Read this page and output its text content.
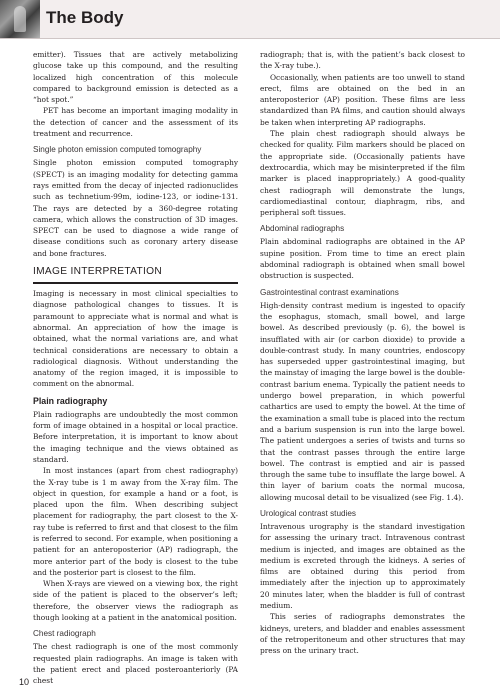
The Body

emitter). Tissues that are actively metabolizing glucose take up this compound, and the resulting localized high concentration of this molecule compared to background emission is detected as a “hot spot.”

PET has become an important imaging modality in the detection of cancer and the assessment of its treatment and recurrence.

Single photon emission computed tomography

Single photon emission computed tomography (SPECT) is an imaging modality for detecting gamma rays emitted from the decay of injected radionuclides such as technetium-99m, iodine-123, or iodine-131. The rays are detected by a 360-degree rotating camera, which allows the construction of 3D images. SPECT can be used to diagnose a wide range of disease conditions such as coronary artery disease and bone fractures.

IMAGE INTERPRETATION

Imaging is necessary in most clinical specialties to diagnose pathological changes to tissues. It is paramount to appreciate what is normal and what is abnormal. An appreciation of how the image is obtained, what the normal variations are, and what technical considerations are necessary to obtain a radiological diagnosis. Without understanding the anatomy of the region imaged, it is impossible to comment on the abnormal.

Plain radiography

Plain radiographs are undoubtedly the most common form of image obtained in a hospital or local practice. Before interpretation, it is important to know about the imaging technique and the views obtained as standard.

In most instances (apart from chest radiography) the X-ray tube is 1 m away from the X-ray film. The object in question, for example a hand or a foot, is placed upon the film. When describing subject placement for radiography, the part closest to the X-ray tube is referred to first and that closest to the film is referred to second. For example, when positioning a patient for an anteroposterior (AP) radiograph, the more anterior part of the body is closest to the tube and the posterior part is closest to the film.

When X-rays are viewed on a viewing box, the right side of the patient is placed to the observer’s left; therefore, the observer views the radiograph as though looking at a patient in the anatomical position.

Chest radiograph

The chest radiograph is one of the most commonly requested plain radiographs. An image is taken with the patient erect and placed posteroanteriorly (PA chest

radiograph; that is, with the patient’s back closest to the X-ray tube.).

Occasionally, when patients are too unwell to stand erect, films are obtained on the bed in an anteroposterior (AP) position. These films are less standardized than PA films, and caution should always be taken when interpreting AP radiographs.

The plain chest radiograph should always be checked for quality. Film markers should be placed on the appropriate side. (Occasionally patients have dextrocardia, which may be misinterpreted if the film marker is placed inappropriately.) A good-quality chest radiograph will demonstrate the lungs, cardiomediastinal contour, diaphragm, ribs, and peripheral soft tissues.

Abdominal radiographs

Plain abdominal radiographs are obtained in the AP supine position. From time to time an erect plain abdominal radiograph is obtained when small bowel obstruction is suspected.

Gastrointestinal contrast examinations

High-density contrast medium is ingested to opacify the esophagus, stomach, small bowel, and large bowel. As described previously (p. 6), the bowel is insufflated with air (or carbon dioxide) to provide a double-contrast study. In many countries, endoscopy has superseded upper gastrointestinal imaging, but the mainstay of imaging the large bowel is the double-contrast barium enema. Typically the patient needs to undergo bowel preparation, in which powerful cathartics are used to empty the bowel. At the time of the examination a small tube is placed into the rectum and a barium suspension is run into the large bowel. The patient undergoes a series of twists and turns so that the contrast passes through the entire large bowel. The contrast is emptied and air is passed through the same tube to insufflate the large bowel. A thin layer of barium coats the normal mucosa, allowing mucosal detail to be visualized (see Fig. 1.4).

Urological contrast studies

Intravenous urography is the standard investigation for assessing the urinary tract. Intravenous contrast medium is injected, and images are obtained as the medium is excreted through the kidneys. A series of films are obtained during this period from immediately after the injection up to approximately 20 minutes later, when the bladder is full of contrast medium.

This series of radiographs demonstrates the kidneys, ureters, and bladder and enables assessment of the retroperitoneum and other structures that may press on the urinary tract.

10
